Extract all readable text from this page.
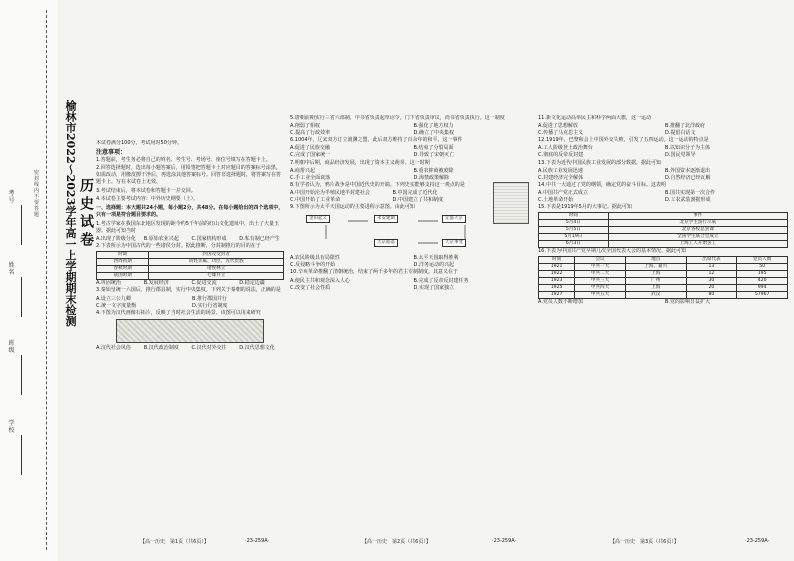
考号
姓名
班级
学校
密封线内不要答题 榆林市2022～2023学年高一上学期期末检测 历史试卷
本试卷满分100分，考试用时50分钟。
注意事项：
1.答题前，考生务必将自己的姓名、考生号、考场号、座位号填写在答题卡上。
2.回答选择题时，选出每小题答案后，用铅笔把答题卡上对应题目的答案标号涂黑。如需改动，用橡皮擦干净后，再选涂其他答案标号。回答非选择题时，将答案写在答题卡上。写在本试卷上无效。
3.考试结束后，将本试卷和答题卡一并交回。
4.本试卷主要考试内容：中外历史纲要（上）。
一、选择题：本大题共24小题，每小题2分，共48分。在每小题给出的四个选项中，只有一项是符合题目要求的。
1.考古学家在我国东北地区发现的距今约5千年前的红山文化遗址中，出土了大量玉器。据此可知当时
A.出现了阶级分化	B.原始农业兴起	C.国家机构形成	D.私有制已经产生
2.下表所示为中国古代的一些诸侯分封。据此推断，分封制推行的目的在于
时期	封国及受封者
西周初期	同姓亲属、功臣、先代贵族
春秋时期	诸侯林立
战国时期	七雄并立
A.巩固统治	B.发展经济	C.促进交流	D.稳定边疆
3.秦始皇统一六国后，推行郡县制，实行中央集权。下列关于秦朝的说法，正确的是
A.设立三公九卿	B.推行郡国并行
C.统一文字度量衡	D.实行行省制度
4.下图为汉代画像石拓片，反映了当时社会生活的场景。该图可以用来研究
A.汉代社会风俗	B.汉代政治制度	C.汉代对外交往	D.汉代思想文化
【高一历史　第1页（共6页）】	·23-259A·
5.唐朝前期实行三省六部制，中书省负责起草诏令，门下省负责审议，尚书省负责执行。这一制度
A.削弱了相权	B.强化了地方权力
C.提高了行政效率	D.确立了中央集权
6.1004年，辽宋双方订立澶渊之盟，此后双方维持了百余年的和平。这一事件
A.促进了民族交融	B.结束了分裂局面
C.完成了国家统一	D.导致了宋朝灭亡
7.明朝中后期，商品经济发展，出现了资本主义萌芽。这一时期
A.商帮兴起	B.重农抑商被废除
C.手工业全面衰落	D.海禁政策解除
8.有学者认为，鸦片战争是中国近代史的开端。下列史实能够支持这一观点的是
A.中国开始沦为半殖民地半封建社会	B.中国完成了近代化
C.中国开始了工业革命	D.中国建立了共和制度
9.下图所示为太平天国运动的主要进程示意图。由此可知
金田起义	永安建制	定都天京
天京事变
天京陷落
A.农民阶级具有局限性	B.太平天国取得胜利
C.反侵略斗争的开始	D.洋务运动的兴起
10.辛亥革命推翻了清朝统治，结束了两千多年的君主专制制度。其意义在于
A.使民主共和观念深入人心	B.完成了反帝反封建任务
C.改变了社会性质	D.实现了国家独立
【高一历史　第2页（共6页）】	·23-259A·
11.新文化运动高举民主和科学两面大旗，这一运动
A.促进了思想解放	B.推翻了北洋政府
C.传播了马克思主义	D.提倡白话文
12.1919年，巴黎和会上中国外交失败，引发了五四运动。这一运动的特点是
A.工人阶级登上政治舞台	B.以知识分子为主体
C.彻底的反帝反封建	D.国民党领导
13.下表为近代中国民族工业发展的部分数据。据此可知
A.民族工业发展迅速	B.外国资本逐渐退出
C.封建经济完全解体	D.自然经济已经瓦解
14.中共一大通过了党的纲领，确定党的奋斗目标。这表明
A.中国共产党正式成立	B.国共实现第一次合作
C.土地革命开始	D.工农武装割据形成
15.下表是1919年5月的大事记。据此可知
时间	事件
5月4日	北京学生游行示威
5月5日	北京各校总罢课
5月19日	全国学生联合会成立
6月3日	上海工人开始罢工
16.下表为中国共产党早期几次全国代表大会的基本情况。据此可知
时间	会议	地点	出席代表	党员人数
1921	中共一大	上海、嘉兴	13	50
1922	中共二大	上海	12	195
1923	中共三大	广州	30	420
1925	中共四大	上海	20	994
1927	中共五大	武汉	80	57967
A.党员人数不断增加	B.党的影响日益扩大
【高一历史　第3页（共6页）】	·23-259A·
